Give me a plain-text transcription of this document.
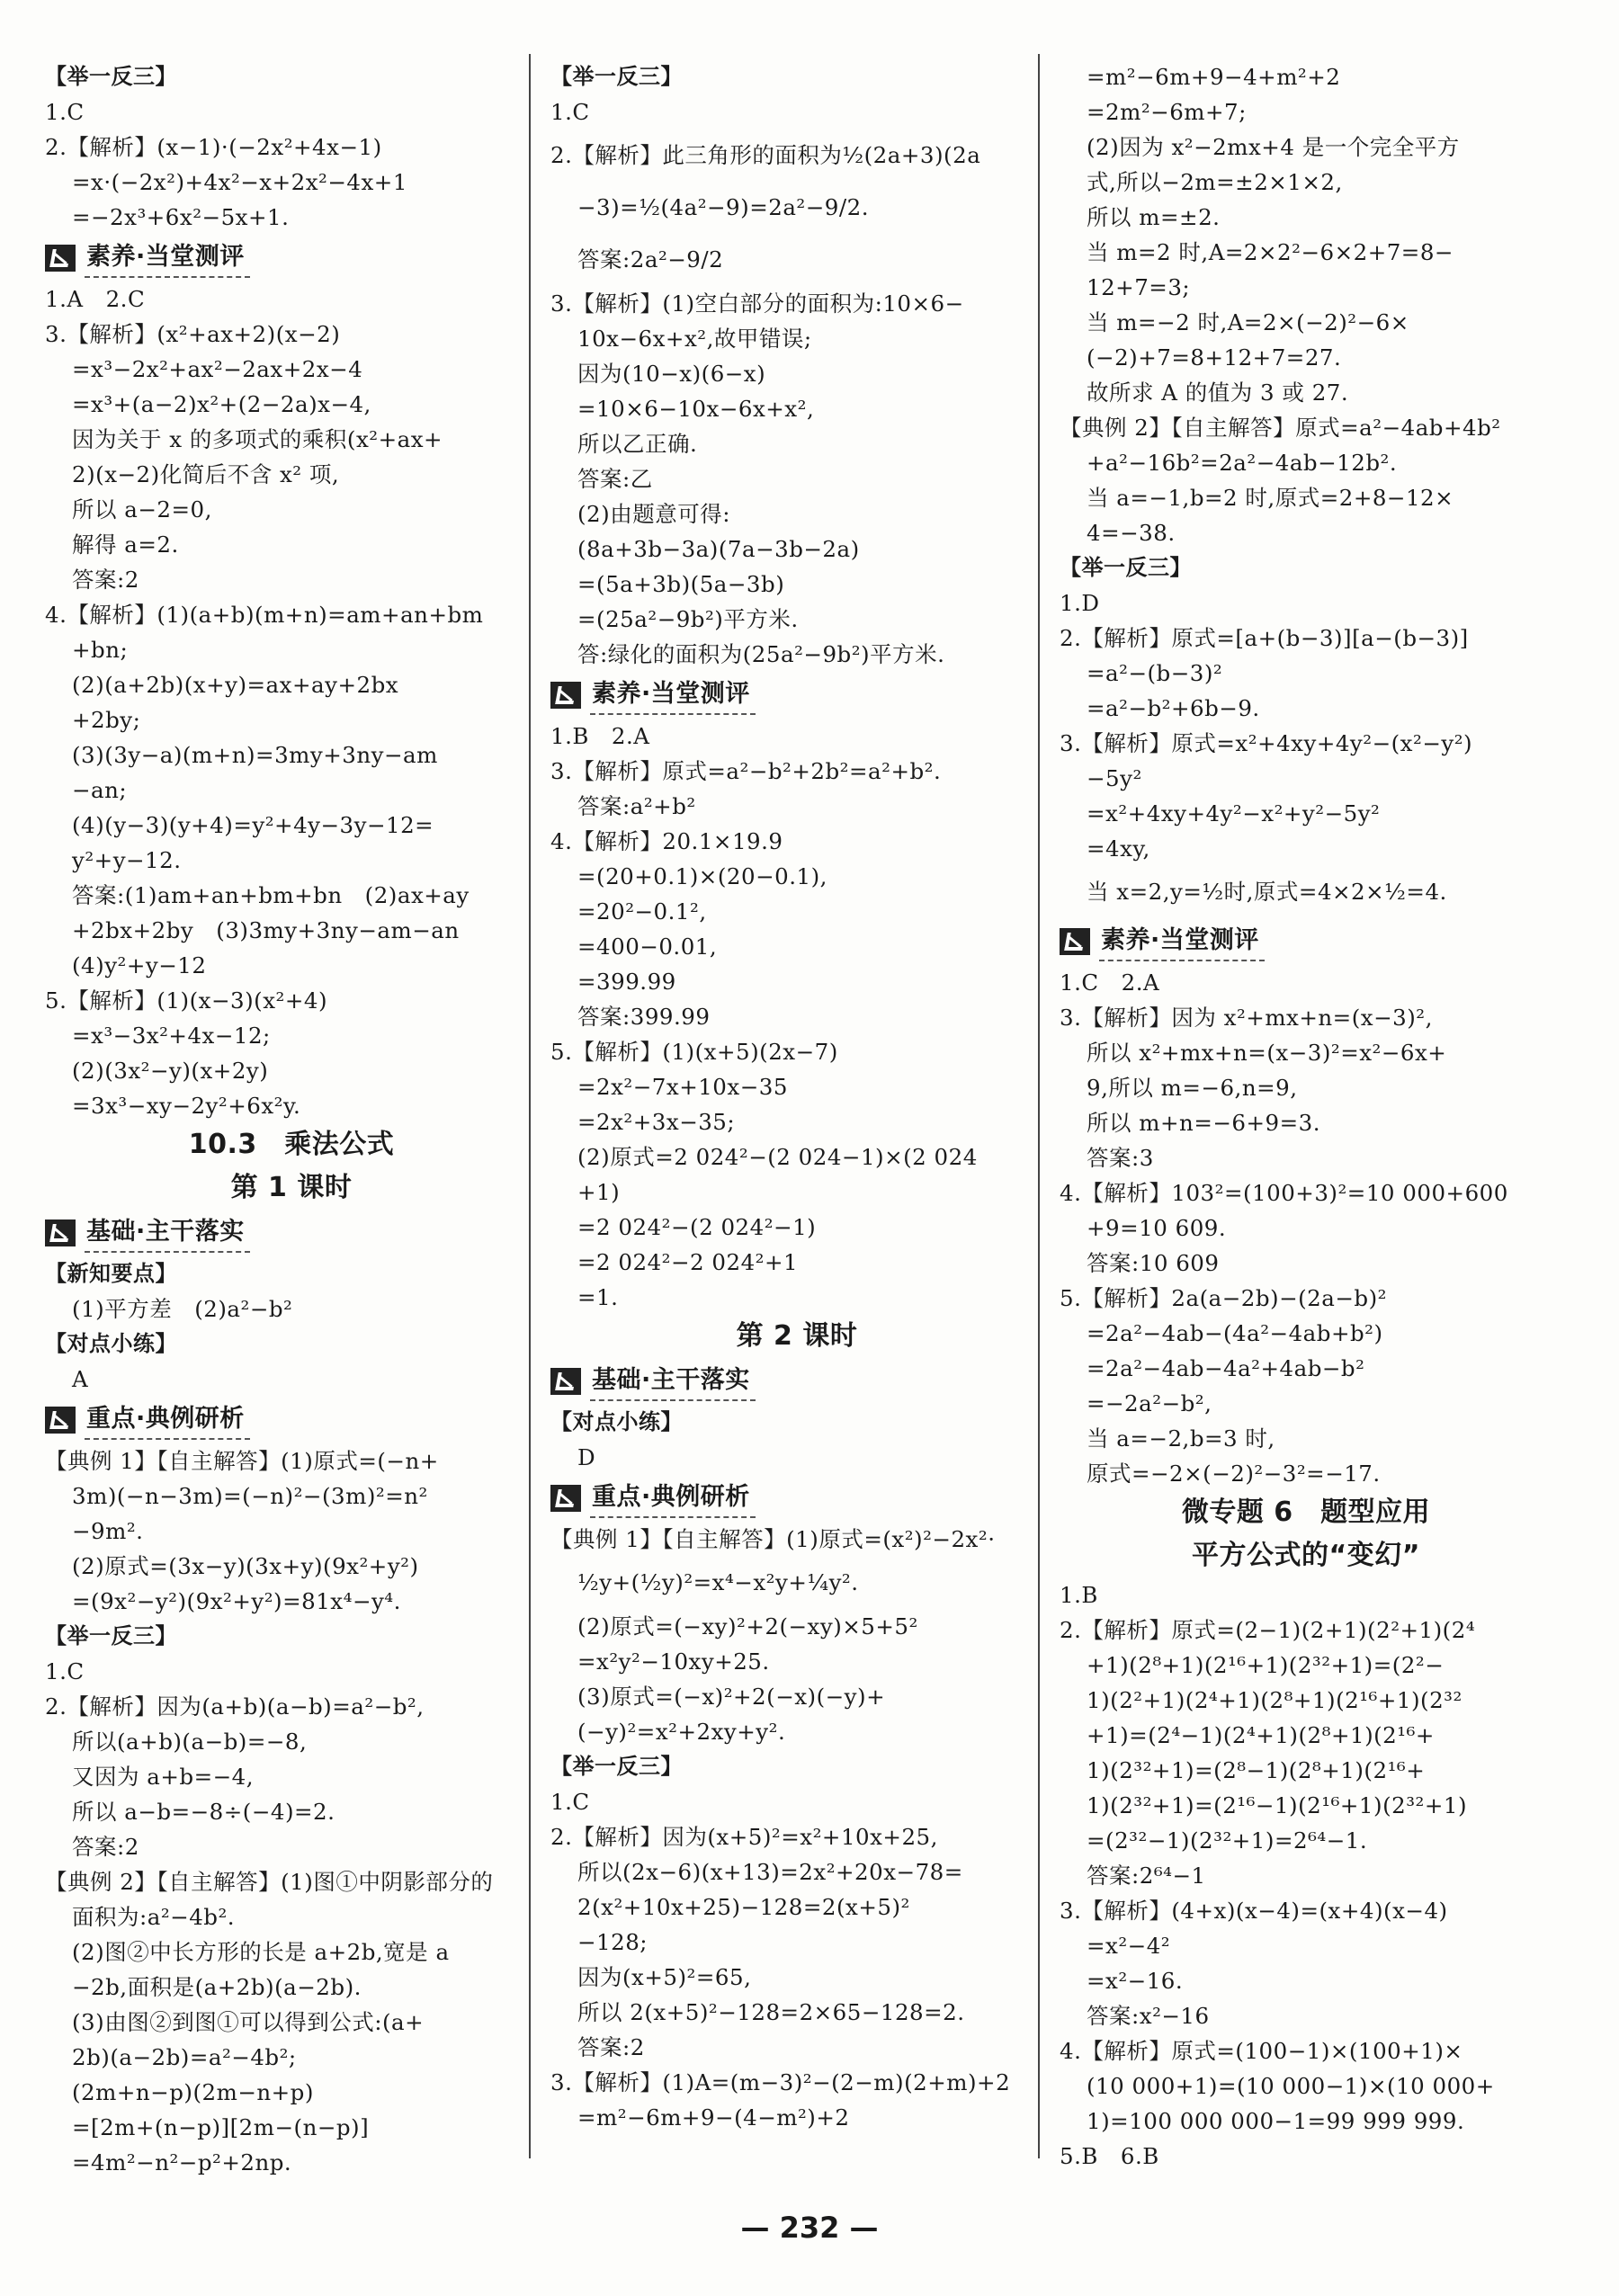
【举一反三】
1.C
2.【解析】(x−1)·(−2x²+4x−1)
=x·(−2x²)+4x²−x+2x²−4x+1
=−2x³+6x²−5x+1.
素养·当堂测评
1.A　2.C
3.【解析】(x²+ax+2)(x−2)
=x³−2x²+ax²−2ax+2x−4
=x³+(a−2)x²+(2−2a)x−4,
因为关于 x 的多项式的乘积(x²+ax+
2)(x−2)化简后不含 x² 项,
所以 a−2=0,
解得 a=2.
答案:2
4.【解析】(1)(a+b)(m+n)=am+an+bm
+bn;
(2)(a+2b)(x+y)=ax+ay+2bx
+2by;
(3)(3y−a)(m+n)=3my+3ny−am
−an;
(4)(y−3)(y+4)=y²+4y−3y−12=
y²+y−12.
答案:(1)am+an+bm+bn　(2)ax+ay
+2bx+2by　(3)3my+3ny−am−an
(4)y²+y−12
5.【解析】(1)(x−3)(x²+4)
=x³−3x²+4x−12;
(2)(3x²−y)(x+2y)
=3x³−xy−2y²+6x²y.
10.3　乘法公式
第 1 课时
基础·主干落实
【新知要点】
(1)平方差　(2)a²−b²
【对点小练】
A
重点·典例研析
【典例 1】【自主解答】(1)原式=(−n+
3m)(−n−3m)=(−n)²−(3m)²=n²
−9m².
(2)原式=(3x−y)(3x+y)(9x²+y²)
=(9x²−y²)(9x²+y²)=81x⁴−y⁴.
【举一反三】
1.C
2.【解析】因为(a+b)(a−b)=a²−b²,
所以(a+b)(a−b)=−8,
又因为 a+b=−4,
所以 a−b=−8÷(−4)=2.
答案:2
【典例 2】【自主解答】(1)图①中阴影部分的
面积为:a²−4b².
(2)图②中长方形的长是 a+2b,宽是 a
−2b,面积是(a+2b)(a−2b).
(3)由图②到图①可以得到公式:(a+
2b)(a−2b)=a²−4b²;
(2m+n−p)(2m−n+p)
=[2m+(n−p)][2m−(n−p)]
=4m²−n²−p²+2np.
【举一反三】
1.C
2.【解析】此三角形的面积为½(2a+3)(2a
−3)=½(4a²−9)=2a²−9/2.
答案:2a²−9/2
3.【解析】(1)空白部分的面积为:10×6−
10x−6x+x²,故甲错误;
因为(10−x)(6−x)
=10×6−10x−6x+x²,
所以乙正确.
答案:乙
(2)由题意可得:
(8a+3b−3a)(7a−3b−2a)
=(5a+3b)(5a−3b)
=(25a²−9b²)平方米.
答:绿化的面积为(25a²−9b²)平方米.
素养·当堂测评
1.B　2.A
3.【解析】原式=a²−b²+2b²=a²+b².
答案:a²+b²
4.【解析】20.1×19.9
=(20+0.1)×(20−0.1),
=20²−0.1²,
=400−0.01,
=399.99
答案:399.99
5.【解析】(1)(x+5)(2x−7)
=2x²−7x+10x−35
=2x²+3x−35;
(2)原式=2 024²−(2 024−1)×(2 024
+1)
=2 024²−(2 024²−1)
=2 024²−2 024²+1
=1.
第 2 课时
基础·主干落实
【对点小练】
D
重点·典例研析
【典例 1】【自主解答】(1)原式=(x²)²−2x²·
½y+(½y)²=x⁴−x²y+¼y².
(2)原式=(−xy)²+2(−xy)×5+5²
=x²y²−10xy+25.
(3)原式=(−x)²+2(−x)(−y)+
(−y)²=x²+2xy+y².
【举一反三】
1.C
2.【解析】因为(x+5)²=x²+10x+25,
所以(2x−6)(x+13)=2x²+20x−78=
2(x²+10x+25)−128=2(x+5)²
−128;
因为(x+5)²=65,
所以 2(x+5)²−128=2×65−128=2.
答案:2
3.【解析】(1)A=(m−3)²−(2−m)(2+m)+2
=m²−6m+9−(4−m²)+2
=m²−6m+9−4+m²+2
=2m²−6m+7;
(2)因为 x²−2mx+4 是一个完全平方
式,所以−2m=±2×1×2,
所以 m=±2.
当 m=2 时,A=2×2²−6×2+7=8−
12+7=3;
当 m=−2 时,A=2×(−2)²−6×
(−2)+7=8+12+7=27.
故所求 A 的值为 3 或 27.
【典例 2】【自主解答】原式=a²−4ab+4b²
+a²−16b²=2a²−4ab−12b².
当 a=−1,b=2 时,原式=2+8−12×
4=−38.
【举一反三】
1.D
2.【解析】原式=[a+(b−3)][a−(b−3)]
=a²−(b−3)²
=a²−b²+6b−9.
3.【解析】原式=x²+4xy+4y²−(x²−y²)
−5y²
=x²+4xy+4y²−x²+y²−5y²
=4xy,
当 x=2,y=½时,原式=4×2×½=4.
素养·当堂测评
1.C　2.A
3.【解析】因为 x²+mx+n=(x−3)²,
所以 x²+mx+n=(x−3)²=x²−6x+
9,所以 m=−6,n=9,
所以 m+n=−6+9=3.
答案:3
4.【解析】103²=(100+3)²=10 000+600
+9=10 609.
答案:10 609
5.【解析】2a(a−2b)−(2a−b)²
=2a²−4ab−(4a²−4ab+b²)
=2a²−4ab−4a²+4ab−b²
=−2a²−b²,
当 a=−2,b=3 时,
原式=−2×(−2)²−3²=−17.
微专题 6　题型应用
平方公式的“变幻”
1.B
2.【解析】原式=(2−1)(2+1)(2²+1)(2⁴
+1)(2⁸+1)(2¹⁶+1)(2³²+1)=(2²−
1)(2²+1)(2⁴+1)(2⁸+1)(2¹⁶+1)(2³²
+1)=(2⁴−1)(2⁴+1)(2⁸+1)(2¹⁶+
1)(2³²+1)=(2⁸−1)(2⁸+1)(2¹⁶+
1)(2³²+1)=(2¹⁶−1)(2¹⁶+1)(2³²+1)
=(2³²−1)(2³²+1)=2⁶⁴−1.
答案:2⁶⁴−1
3.【解析】(4+x)(x−4)=(x+4)(x−4)
=x²−4²
=x²−16.
答案:x²−16
4.【解析】原式=(100−1)×(100+1)×
(10 000+1)=(10 000−1)×(10 000+
1)=100 000 000−1=99 999 999.
5.B　6.B
— 232 —
